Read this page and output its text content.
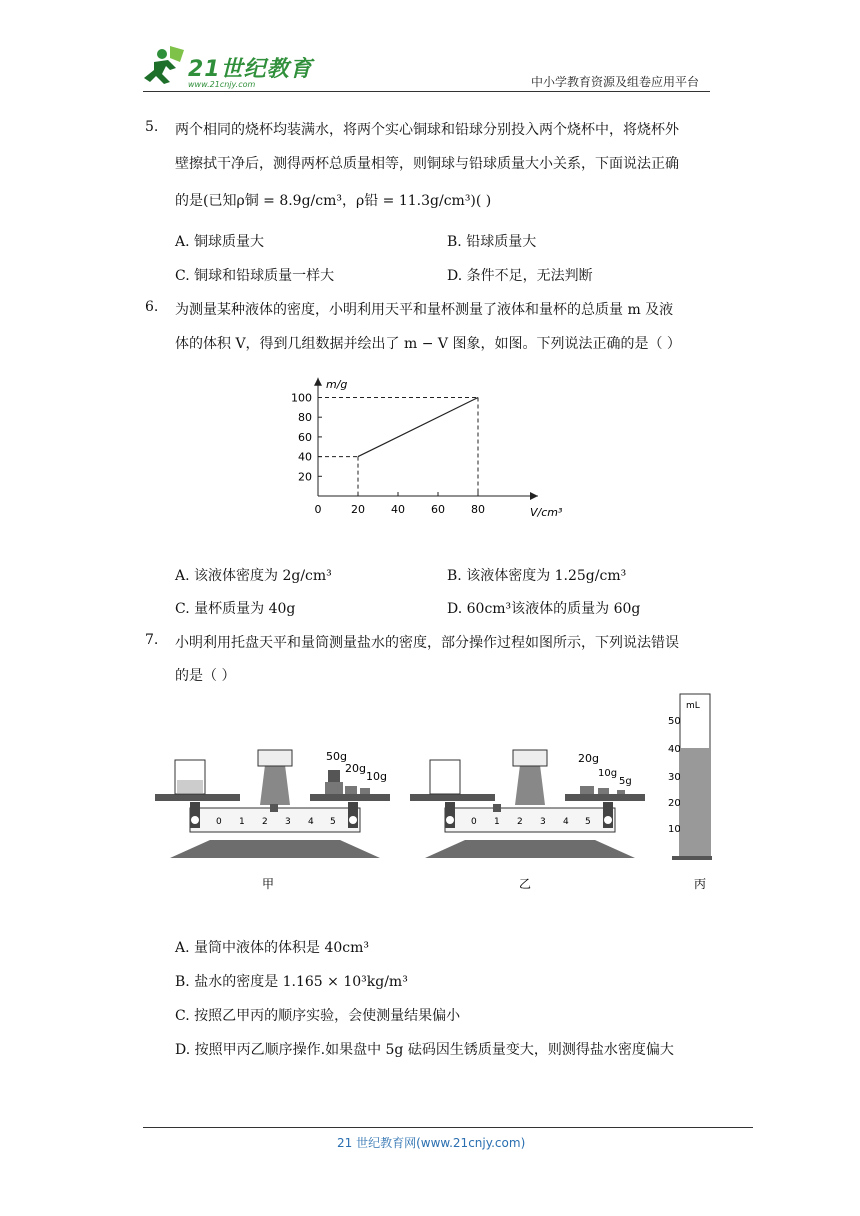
21世纪教育
www.21cnjy.com	中小学教育资源及组卷应用平台
5. 两个相同的烧杯均装满水，将两个实心铜球和铅球分别投入两个烧杯中，将烧杯外
壁擦拭干净后，测得两杯总质量相等，则铜球与铅球质量大小关系，下面说法正确
的是(已知ρ铜 = 8.9g/cm³，ρ铅 = 11.3g/cm³)( )
A. 铜球质量大	B. 铅球质量大
C. 铜球和铅球质量一样大	D. 条件不足，无法判断
6. 为测量某种液体的密度，小明利用天平和量杯测量了液体和量杯的总质量 m 及液
体的体积 V，得到几组数据并绘出了 m − V 图象，如图。下列说法正确的是（ ）
0	20 40 60 80
20
40
60
80
100
V/cm³
m/g
A. 该液体密度为 2g/cm³	B. 该液体密度为 1.25g/cm³
C. 量杯质量为 40g	D. 60cm³该液体的质量为 60g
7. 小明利用托盘天平和量筒测量盐水的密度，部分操作过程如图所示，下列说法错误
的是（ ）
50g
20g
10g
0 1 2 3 4 5
甲
20g
10g
5g
0 1 2 3 4 5
乙
mL
50
40
30
20
10
丙
A. 量筒中液体的体积是 40cm³
B. 盐水的密度是 1.165 × 10³kg/m³
C. 按照乙甲丙的顺序实验，会使测量结果偏小
D. 按照甲丙乙顺序操作.如果盘中 5g 砝码因生锈质量变大，则测得盐水密度偏大
21 世纪教育网(www.21cnjy.com)
